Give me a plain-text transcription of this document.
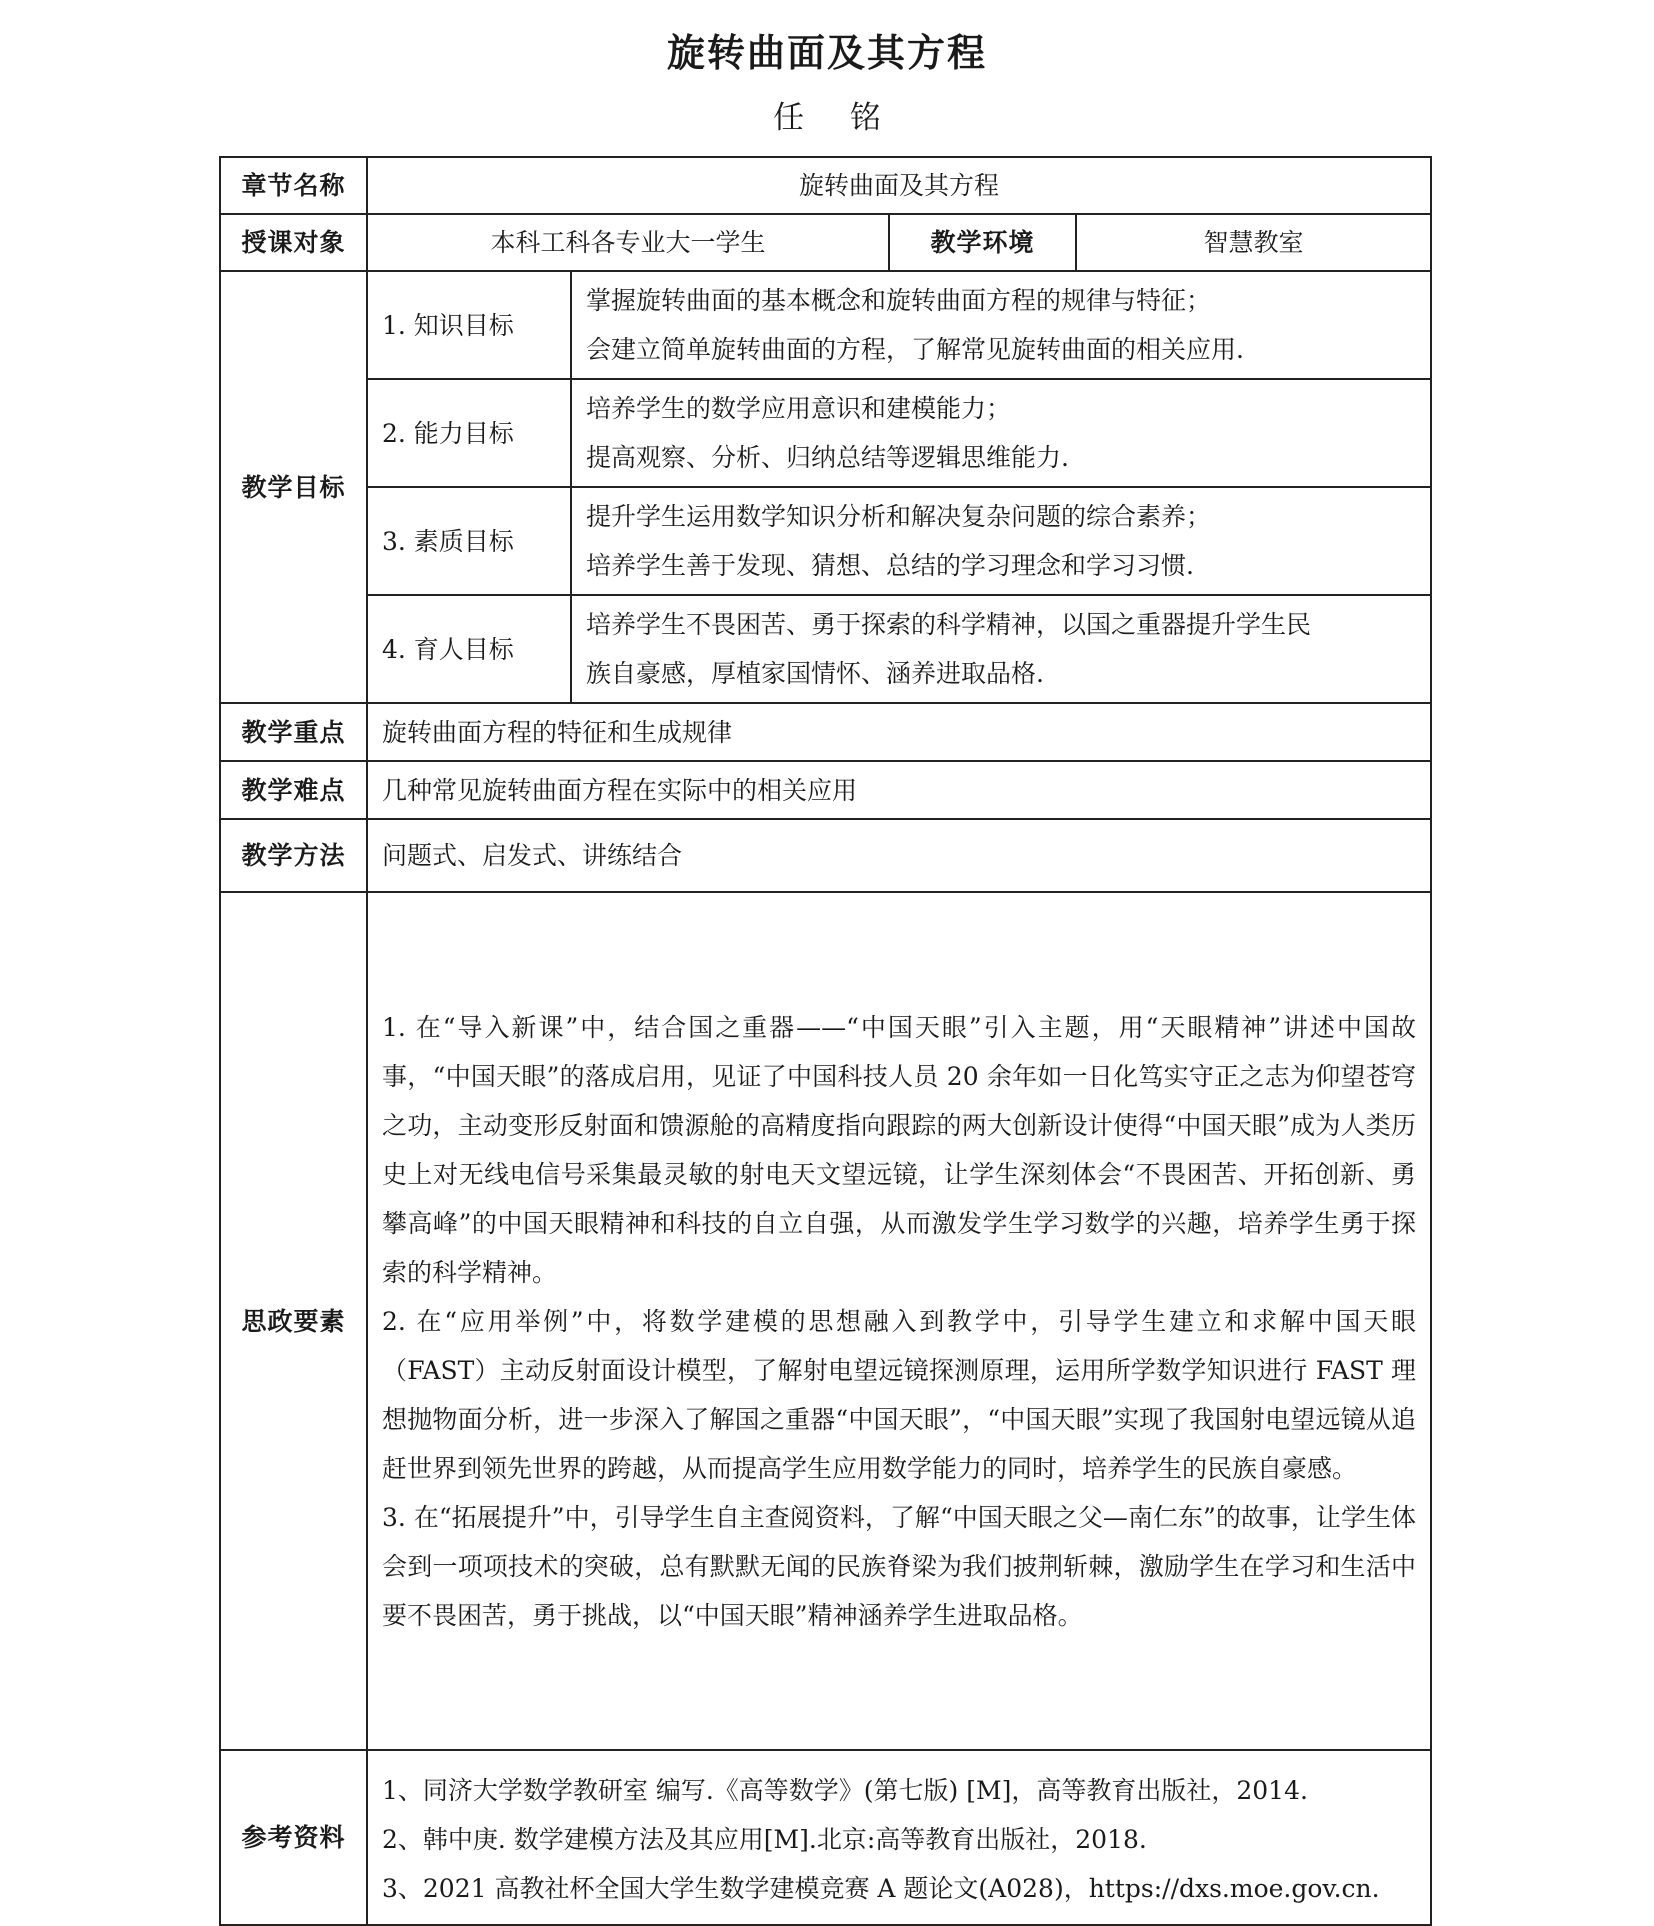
旋转曲面及其方程
任 铭
章节名称	旋转曲面及其方程			
授课对象	本科工科各专业大一学生		教学环境	智慧教室
教学目标	1. 知识目标	掌握旋转曲面的基本概念和旋转曲面方程的规律与特征；
会建立简单旋转曲面的方程，了解常见旋转曲面的相关应用.		

	2. 能力目标	培养学生的数学应用意识和建模能力；
提高观察、分析、归纳总结等逻辑思维能力.		

	3. 素质目标	提升学生运用数学知识分析和解决复杂问题的综合素养；
培养学生善于发现、猜想、总结的学习理念和学习习惯.		

	4. 育人目标	培养学生不畏困苦、勇于探索的科学精神，以国之重器提升学生民
族自豪感，厚植家国情怀、涵养进取品格.		

教学重点	旋转曲面方程的特征和生成规律			
教学难点	几种常见旋转曲面方程在实际中的相关应用			
教学方法	问题式、启发式、讲练结合			
思政要素	1. 在“导入新课”中，结合国之重器——“中国天眼”引入主题，用“天眼精神”讲述中国故事，“中国天眼”的落成启用，见证了中国科技人员 20 余年如一日化笃实守正之志为仰望苍穹之功，主动变形反射面和馈源舱的高精度指向跟踪的两大创新设计使得“中国天眼”成为人类历史上对无线电信号采集最灵敏的射电天文望远镜，让学生深刻体会“不畏困苦、开拓创新、勇攀高峰”的中国天眼精神和科技的自立自强，从而激发学生学习数学的兴趣，培养学生勇于探索的科学精神。
2. 在“应用举例”中，将数学建模的思想融入到教学中，引导学生建立和求解中国天眼（FAST）主动反射面设计模型，了解射电望远镜探测原理，运用所学数学知识进行 FAST 理想抛物面分析，进一步深入了解国之重器“中国天眼”，“中国天眼”实现了我国射电望远镜从追赶世界到领先世界的跨越，从而提高学生应用数学能力的同时，培养学生的民族自豪感。
3. 在“拓展提升”中，引导学生自主查阅资料，了解“中国天眼之父—南仁东”的故事，让学生体会到一项项技术的突破，总有默默无闻的民族脊梁为我们披荆斩棘，激励学生在学习和生活中要不畏困苦，勇于挑战，以“中国天眼”精神涵养学生进取品格。			

参考资料	1、同济大学数学教研室 编写.《高等数学》(第七版) [M]，高等教育出版社，2014.
2、韩中庚. 数学建模方法及其应用[M].北京:高等教育出版社，2018.
3、2021 高教社杯全国大学生数学建模竞赛 A 题论文(A028)，https://dxs.moe.gov.cn.			
